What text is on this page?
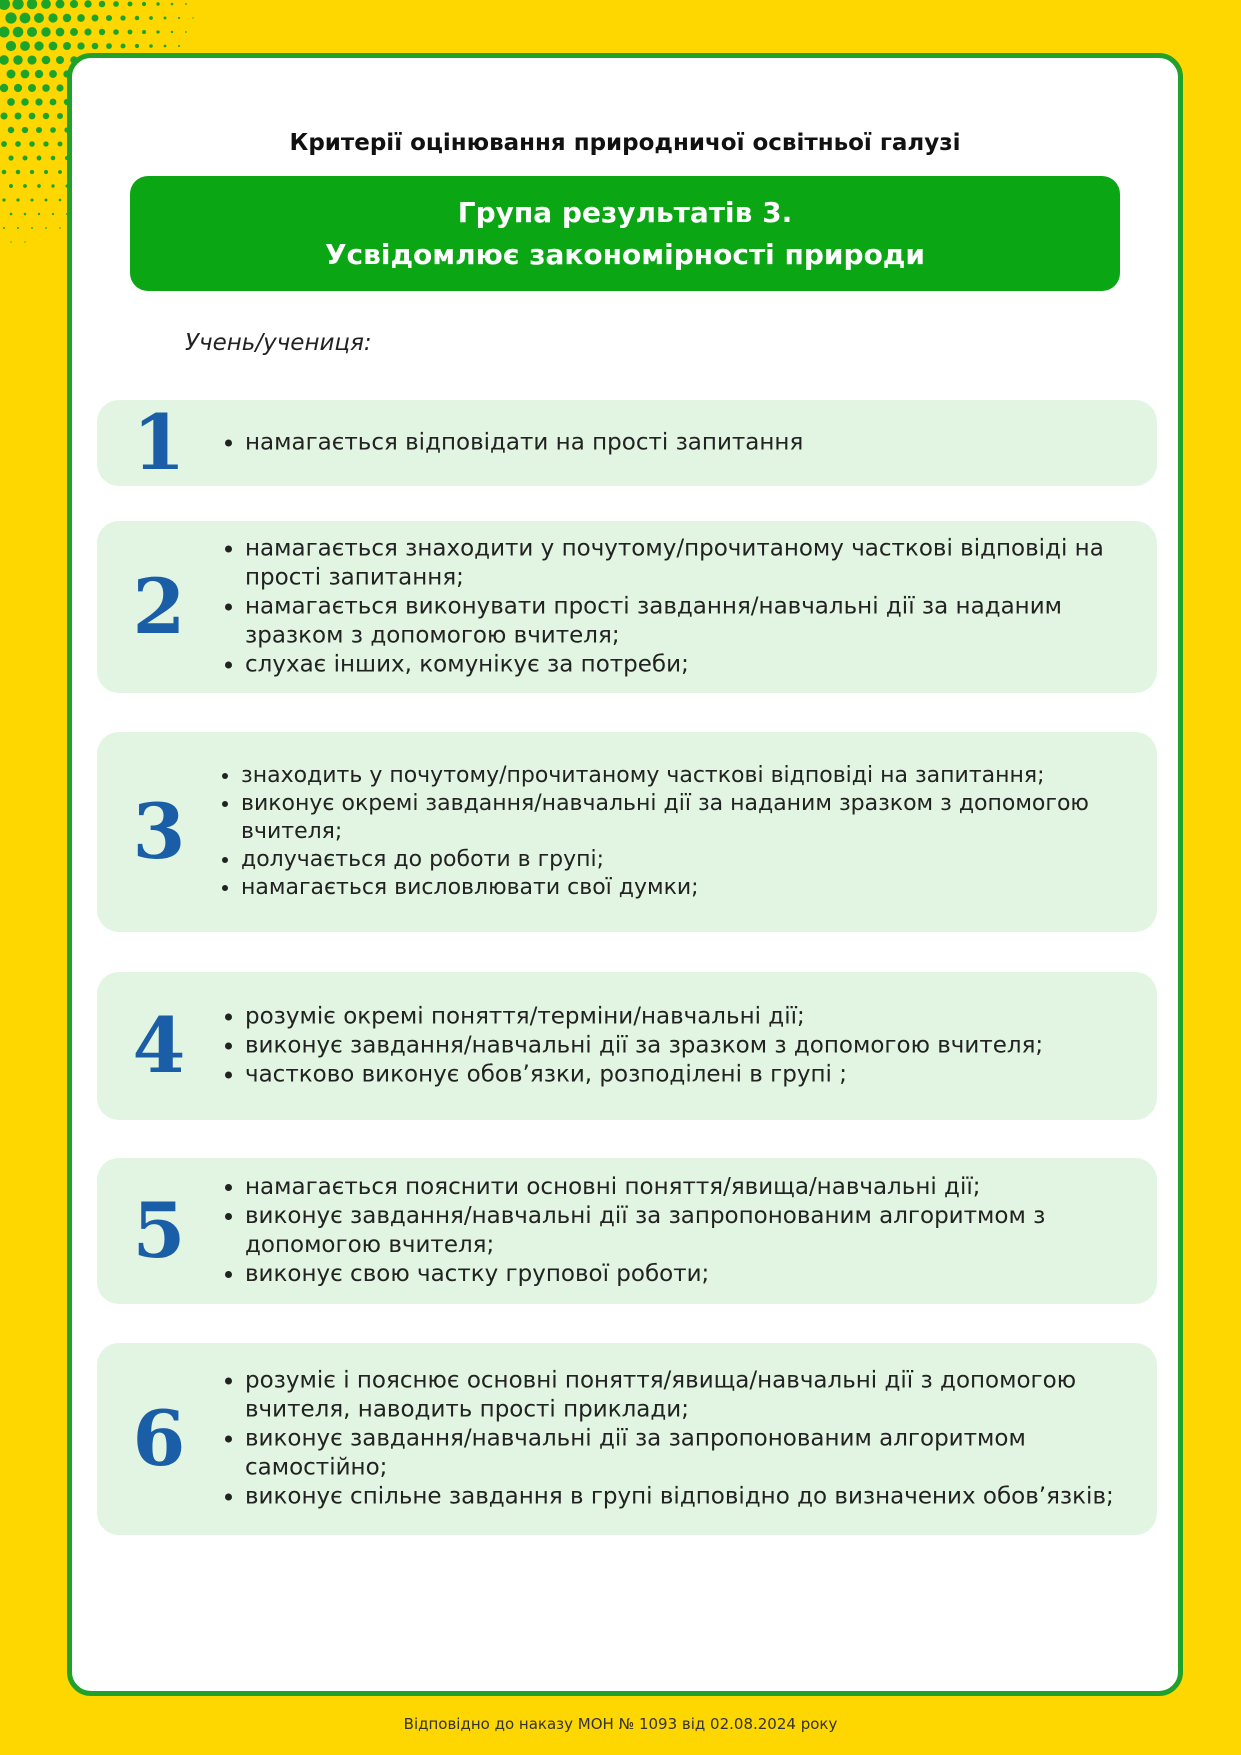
Критерії оцінювання природничої освітньої галузі
Група результатів 3.
Усвідомлює закономірності природи
Учень/учениця:
1	• намагається відповідати на прості запитання
2
• намагається знаходити у почутому/прочитаному часткові відповіді на прості запитання;
• намагається виконувати прості завдання/навчальні дії за наданим зразком з допомогою вчителя;
• слухає інших, комунікує за потреби;
3
• знаходить у почутому/прочитаному часткові відповіді на запитання;
• виконує окремі завдання/навчальні дії за наданим зразком з допомогою вчителя;
• долучається до роботи в групі;
• намагається висловлювати свої думки;
4	• розуміє окремі поняття/терміни/навчальні дії;
• виконує завдання/навчальні дії за зразком з допомогою вчителя;
• частково виконує обов’язки, розподілені в групі ;
5	• намагається пояснити основні поняття/явища/навчальні дії;
• виконує завдання/навчальні дії за запропонованим алгоритмом з допомогою вчителя;
• виконує свою частку групової роботи;
6
• розуміє і пояснює основні поняття/явища/навчальні дії з допомогою вчителя, наводить прості приклади;
• виконує завдання/навчальні дії за запропонованим алгоритмом самостійно;
• виконує спільне завдання в групі відповідно до визначених обов’язків;
Відповідно до наказу МОН № 1093 від 02.08.2024 року
